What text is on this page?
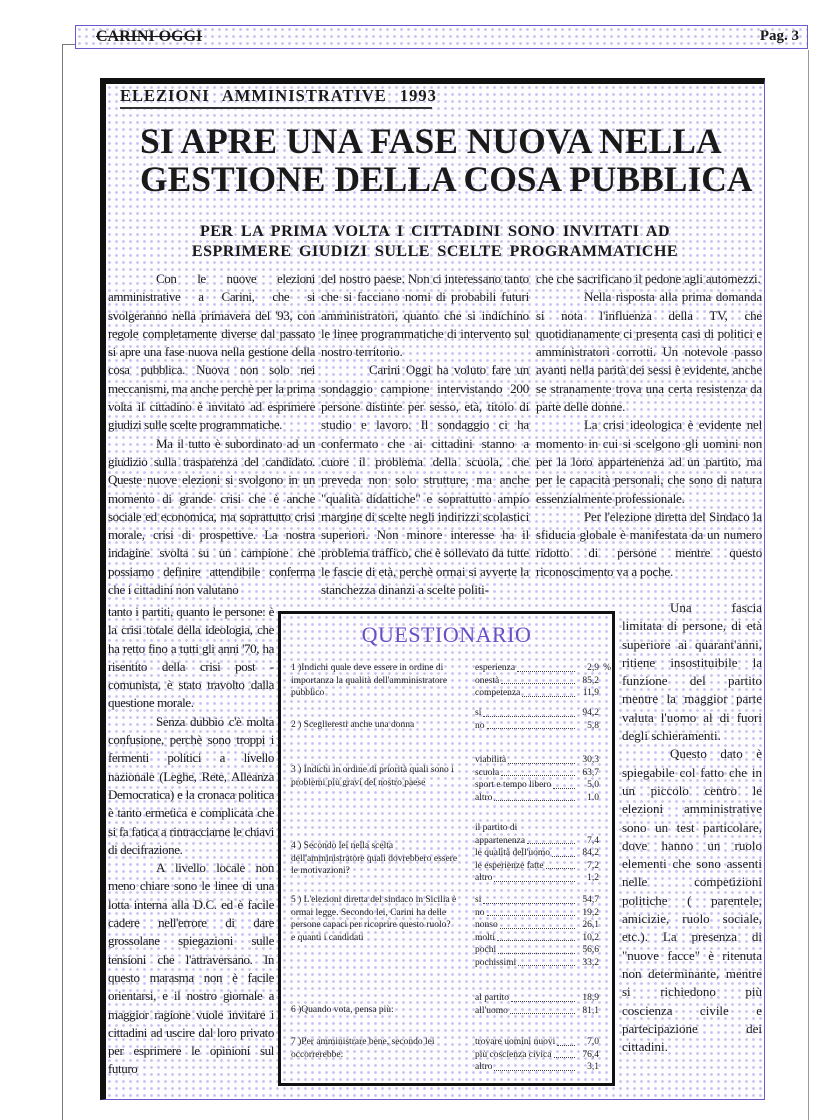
CARINI OGGI	Pag. 3
ELEZIONI AMMINISTRATIVE 1993
SI APRE UNA FASE NUOVA NELLA
GESTIONE DELLA COSA PUBBLICA
PER LA PRIMA VOLTA I CITTADINI SONO INVITATI AD
ESPRIMERE GIUDIZI SULLE SCELTE PROGRAMMATICHE

Con le nuove elezioni amministrative a Carini, che si svolgeranno nella primavera del '93, con regole completamente diverse dal passato si apre una fase nuova nella gestione della cosa pubblica. Nuova non solo nei meccanismi, ma anche perchè per la prima volta il cittadino è invitato ad esprimere giudizi sulle scelte programmatiche.

Ma il tutto è subordinato ad un giudizio sulla trasparenza del candidato. Queste nuove elezioni si svolgono in un momento di grande crisi che è anche sociale ed economica, ma soprattutto crisi morale, crisi di prospettive. La nostra indagine svolta su un campione che possiamo definire attendibile conferma che i cittadini non valutano

tanto i partiti, quanto le persone: è la crisi totale della ideologia, che ha retto fino a tutti gli anni '70, ha risentito della crisi post - comunista, è stato travolto dalla questione morale.

Senza dubbio c'è molta confusione, perchè sono troppi i fermenti politici a livello nazionale (Leghe, Rete, Alleanza Democratica) e la cronaca politica è tanto ermetica e complicata che si fa fatica a rintracciarne le chiavi di decifrazione.

A livello locale non meno chiare sono le linee di una lotta interna alla D.C. ed è facile cadere nell'errore di dare grossolane spiegazioni sulle tensioni che l'attraversano. In questo marasma non è facile orientarsi, e il nostro giornale a maggior ragione vuole invitare i cittadini ad uscire dal loro privato per esprimere le opinioni sul futuro

del nostro paese. Non ci interessano tanto che si facciano nomi di probabili futuri amministratori, quanto che si indichino le linee programmatiche di intervento sul nostro territorio.

Carini Oggi ha voluto fare un sondaggio campione intervistando 200 persone distinte per sesso, età, titolo di studio e lavoro. Il sondaggio ci ha confermato che ai cittadini stanno a cuore il problema della scuola, che preveda non solo strutture, ma anche "qualità didattiche" e soprattutto ampio margine di scelte negli indirizzi scolastici superiori. Non minore interesse ha il problema traffico, che è sollevato da tutte le fascie di età, perchè ormai si avverte la stanchezza dinanzi a scelte politi-

che che sacrificano il pedone agli automezzi.

Nella risposta alla prima domanda si nota l'influenza della TV, che quotidianamente ci presenta casi di politici e amministratori corrotti. Un notevole passo avanti nella parità dei sessi è evidente, anche se stranamente trova una certa resistenza da parte delle donne.

La crisi ideologica è evidente nel momento in cui si scelgono gli uomini non per la loro appartenenza ad un partito, ma per le capacità personali, che sono di natura essenzialmente professionale.

Per l'elezione diretta del Sindaco la sfiducia globale è manifestata da un numero ridotto di persone mentre questo riconoscimento va a poche.

Una fascia limitata di persone, di età superiore ai quarant'anni, ritiene insostituibile la funzione del partito mentre la maggior parte valuta l'uomo al di fuori degli schieramenti.

Questo dato è spiegabile col fatto che in un piccolo centro le elezioni amministrative sono un test particolare, dove hanno un ruolo elementi che sono assenti nelle competizioni politiche ( parentele, amicizie, ruolo sociale, etc.). La presenza di "nuove facce" è ritenuta non determinante, mentre si richiedono più coscienza civile e partecipazione dei cittadini.

QUESTIONARIO
1 )Indichi quale deve essere in ordine di importanza la qualità dell'amministratore pubblico
esperienza	2,9 %
onestà	85,2
competenza	11,9
2 ) Sceglieresti anche una donna
si	94,2
no	5,8
3 ) Indichi in ordine di priorità quali sono i problemi più gravi del nostro paese
viabilità	30,3
scuola	63,7
sport e tempo libero	5,0
altro	1.0
4 ) Secondo lei nella scelta dell'amministratore quali dovrebbero essere le motivazioni?
il partito di
appartenenza	7,4
le qualità dell'uomo	84,2
le esperienze fatte	7,2
altro	1,2
5 ) L'elezioni diretta del sindaco in Sicilia è ormai legge. Secondo lei, Carini ha delle persone capaci per ricoprire questo ruolo?
e quanti i candidati
si	54,7
no	19,2
nonso	26,1
molti	10,2
pochi	56,6
pochissimi	33,2
6 )Quando vota, pensa più:
al partito	18,9
all'uomo	81,1
7 )Per amministrare bene, secondo lei occorrerebbe:
trovare uomini nuovi	7,0
più coscienza civica	76,4
altro	3,1
